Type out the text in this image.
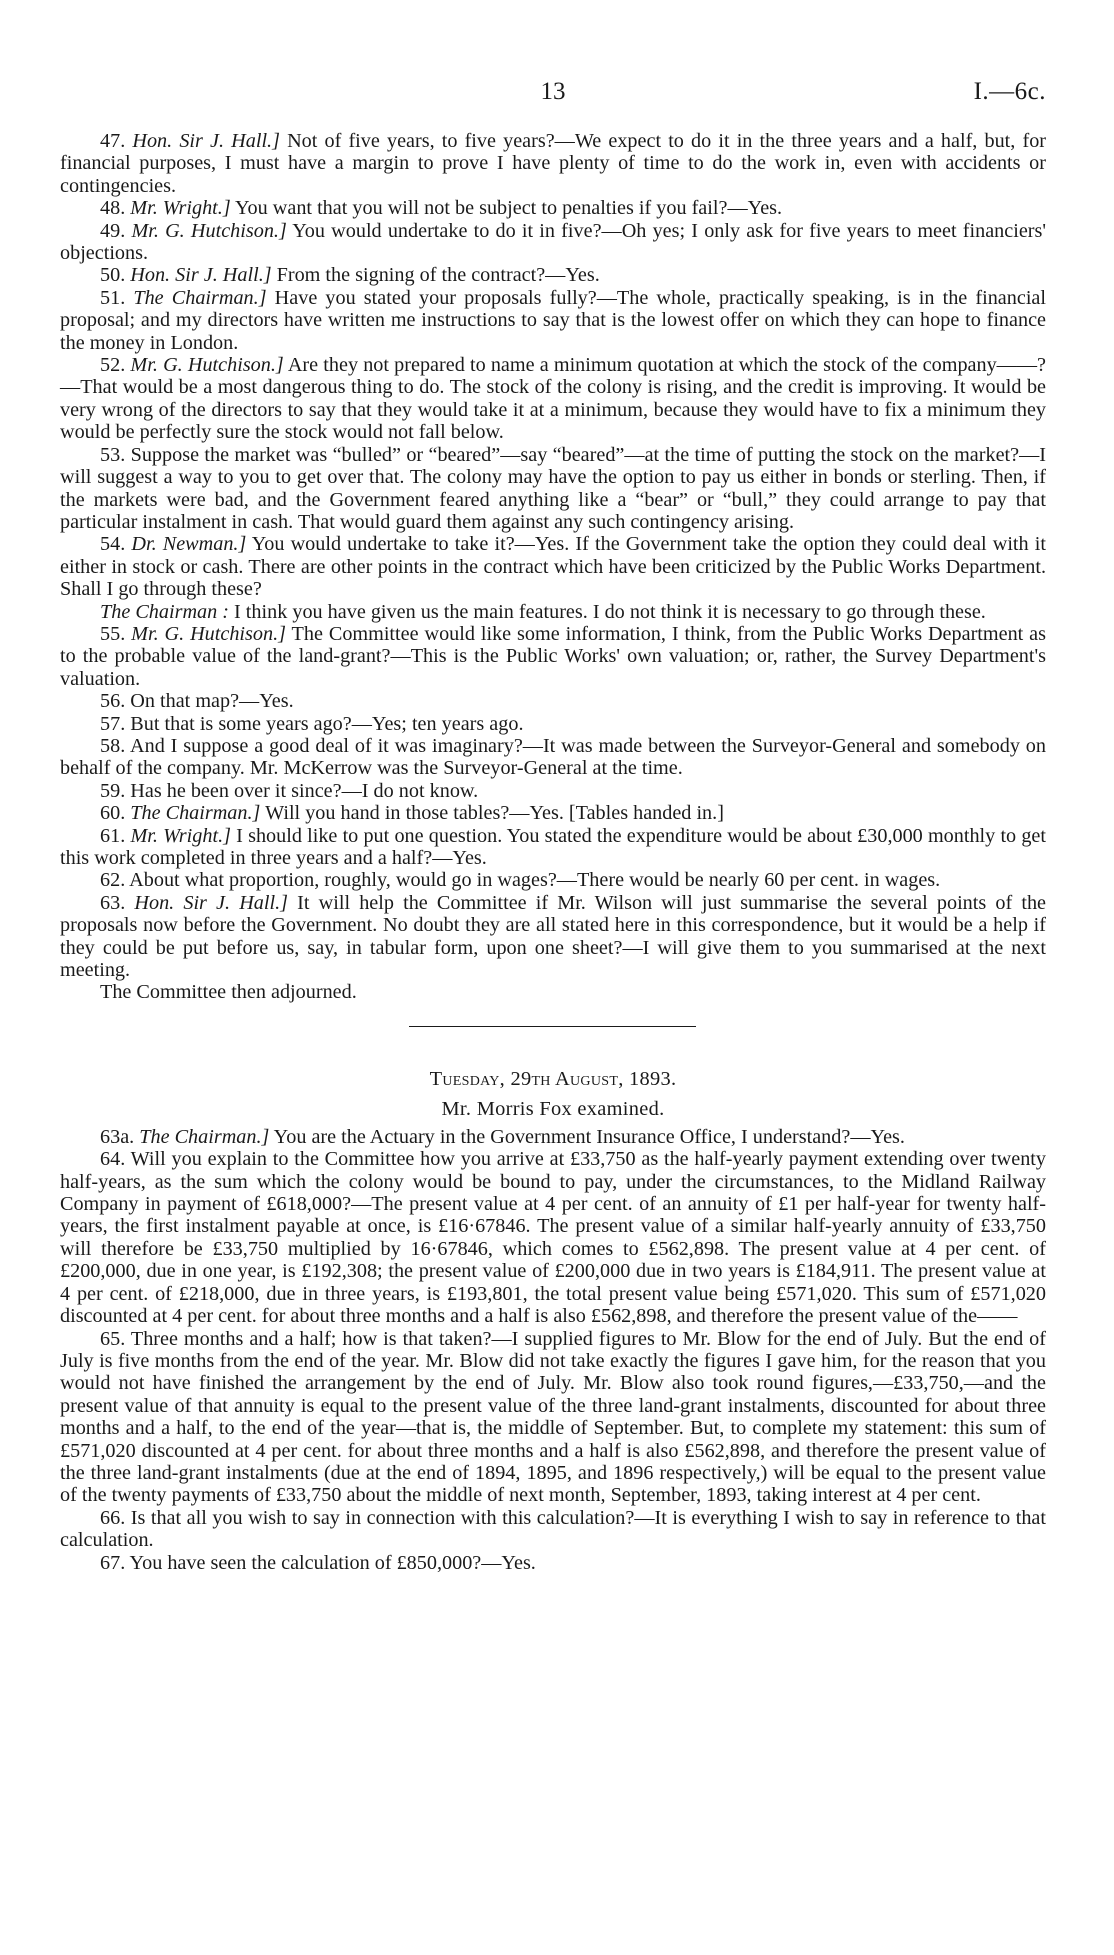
13	I.—6c.

47. Hon. Sir J. Hall.] Not of five years, to five years?—We expect to do it in the three years and a half, but, for financial purposes, I must have a margin to prove I have plenty of time to do the work in, even with accidents or contingencies.

48. Mr. Wright.] You want that you will not be subject to penalties if you fail?—Yes.

49. Mr. G. Hutchison.] You would undertake to do it in five?—Oh yes; I only ask for five years to meet financiers' objections.

50. Hon. Sir J. Hall.] From the signing of the contract?—Yes.

51. The Chairman.] Have you stated your proposals fully?—The whole, practically speaking, is in the financial proposal; and my directors have written me instructions to say that is the lowest offer on which they can hope to finance the money in London.

52. Mr. G. Hutchison.] Are they not prepared to name a minimum quotation at which the stock of the company——?—That would be a most dangerous thing to do. The stock of the colony is rising, and the credit is improving. It would be very wrong of the directors to say that they would take it at a minimum, because they would have to fix a minimum they would be perfectly sure the stock would not fall below.

53. Suppose the market was “bulled” or “beared”—say “beared”—at the time of putting the stock on the market?—I will suggest a way to you to get over that. The colony may have the option to pay us either in bonds or sterling. Then, if the markets were bad, and the Government feared anything like a “bear” or “bull,” they could arrange to pay that particular instalment in cash. That would guard them against any such contingency arising.

54. Dr. Newman.] You would undertake to take it?—Yes. If the Government take the option they could deal with it either in stock or cash. There are other points in the contract which have been criticized by the Public Works Department. Shall I go through these?

The Chairman : I think you have given us the main features. I do not think it is necessary to go through these.

55. Mr. G. Hutchison.] The Committee would like some information, I think, from the Public Works Department as to the probable value of the land-grant?—This is the Public Works' own valuation; or, rather, the Survey Department's valuation.

56. On that map?—Yes.

57. But that is some years ago?—Yes; ten years ago.

58. And I suppose a good deal of it was imaginary?—It was made between the Surveyor-General and somebody on behalf of the company. Mr. McKerrow was the Surveyor-General at the time.

59. Has he been over it since?—I do not know.

60. The Chairman.] Will you hand in those tables?—Yes. [Tables handed in.]

61. Mr. Wright.] I should like to put one question. You stated the expenditure would be about £30,000 monthly to get this work completed in three years and a half?—Yes.

62. About what proportion, roughly, would go in wages?—There would be nearly 60 per cent. in wages.

63. Hon. Sir J. Hall.] It will help the Committee if Mr. Wilson will just summarise the several points of the proposals now before the Government. No doubt they are all stated here in this correspondence, but it would be a help if they could be put before us, say, in tabular form, upon one sheet?—I will give them to you summarised at the next meeting.

The Committee then adjourned.

Tuesday, 29th August, 1893.
Mr. Morris Fox examined.

63a. The Chairman.] You are the Actuary in the Government Insurance Office, I understand?—Yes.

64. Will you explain to the Committee how you arrive at £33,750 as the half-yearly payment extending over twenty half-years, as the sum which the colony would be bound to pay, under the circumstances, to the Midland Railway Company in payment of £618,000?—The present value at 4 per cent. of an annuity of £1 per half-year for twenty half-years, the first instalment payable at once, is £16·67846. The present value of a similar half-yearly annuity of £33,750 will therefore be £33,750 multiplied by 16·67846, which comes to £562,898. The present value at 4 per cent. of £200,000, due in one year, is £192,308; the present value of £200,000 due in two years is £184,911. The present value at 4 per cent. of £218,000, due in three years, is £193,801, the total present value being £571,020. This sum of £571,020 discounted at 4 per cent. for about three months and a half is also £562,898, and therefore the present value of the——

65. Three months and a half; how is that taken?—I supplied figures to Mr. Blow for the end of July. But the end of July is five months from the end of the year. Mr. Blow did not take exactly the figures I gave him, for the reason that you would not have finished the arrangement by the end of July. Mr. Blow also took round figures,—£33,750,—and the present value of that annuity is equal to the present value of the three land-grant instalments, discounted for about three months and a half, to the end of the year—that is, the middle of September. But, to complete my statement: this sum of £571,020 discounted at 4 per cent. for about three months and a half is also £562,898, and therefore the present value of the three land-grant instalments (due at the end of 1894, 1895, and 1896 respectively,) will be equal to the present value of the twenty payments of £33,750 about the middle of next month, September, 1893, taking interest at 4 per cent.

66. Is that all you wish to say in connection with this calculation?—It is everything I wish to say in reference to that calculation.

67. You have seen the calculation of £850,000?—Yes.
